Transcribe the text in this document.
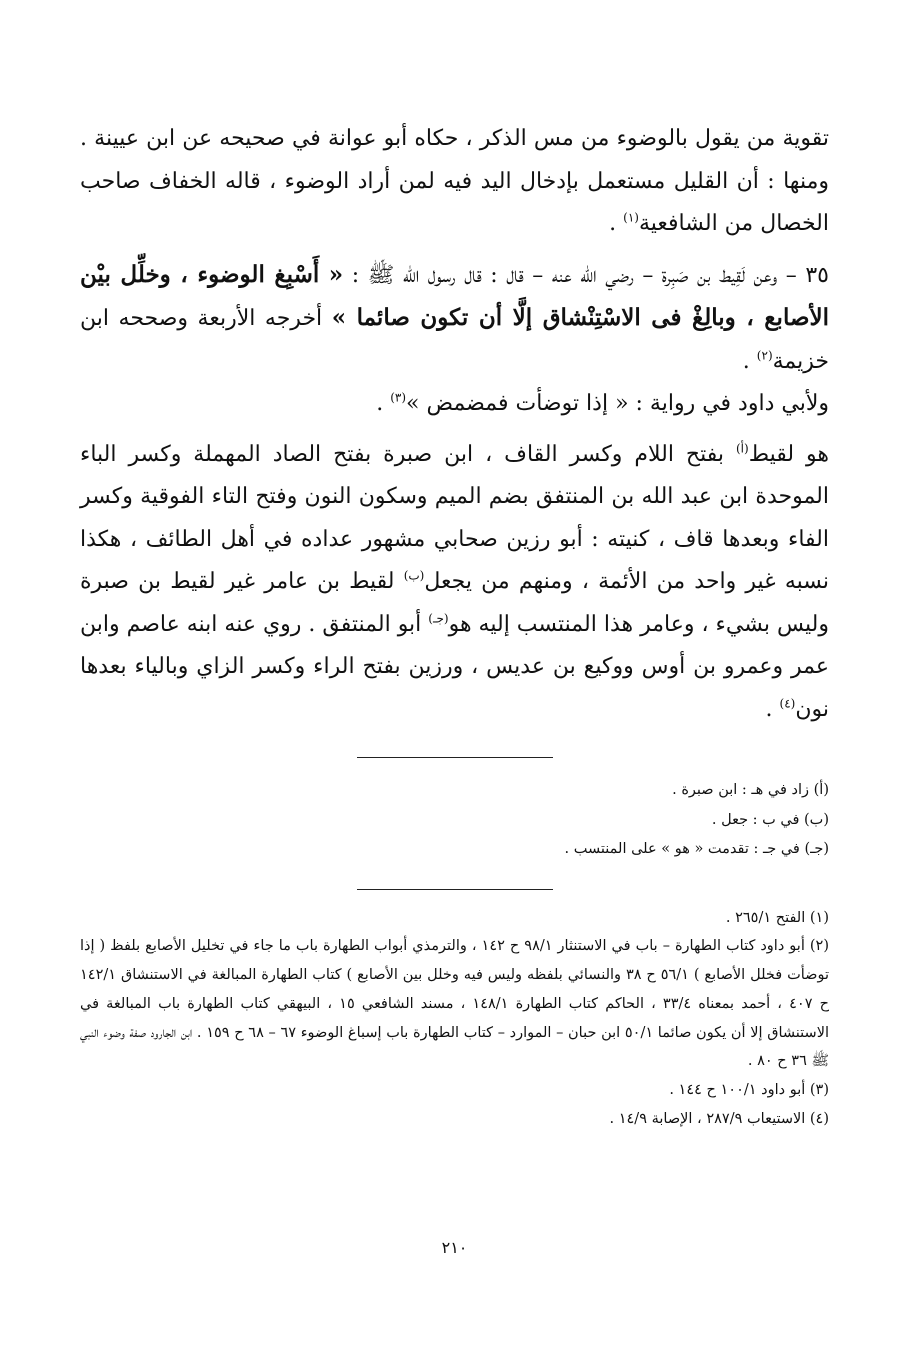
تقوية من يقول بالوضوء من مس الذكر ، حكاه أبو عوانة في صحيحه عن ابن عيينة . ومنها : أن القليل مستعمل بإدخال اليد فيه لمن أراد الوضوء ، قاله الخفاف صاحب الخصال من الشافعية$^{(١)}$ .

٣٥ – وعن لَقِيط بن صَبِرة – رضي الله عنه – قال : قال رسول الله ﷺ : « أَسْبِغ الوضوء ، وخلِّل بيْن الأصابع ، وبالِغْ فى الاسْتِنْشاق إلَّا أن تكون صائما » أخرجه الأربعة وصححه ابن خزيمة$^{(٢)}$ .

ولأبي داود في رواية : « إذا توضأت فمضمض »$^{(٣)}$ .

هو لقيط$^{(أ)}$ بفتح اللام وكسر القاف ، ابن صبرة بفتح الصاد المهملة وكسر الباء الموحدة ابن عبد الله بن المنتفق بضم الميم وسكون النون وفتح التاء الفوقية وكسر الفاء وبعدها قاف ، كنيته : أبو رزين صحابي مشهور عداده في أهل الطائف ، هكذا نسبه غير واحد من الأئمة ، ومنهم من يجعل$^{(ب)}$ لقيط بن عامر غير لقيط بن صبرة وليس بشيء ، وعامر هذا المنتسب إليه هو$^{(جـ)}$ أبو المنتفق . روي عنه ابنه عاصم وابن عمر وعمرو بن أوس ووكيع بن عديس ، ورزين بفتح الراء وكسر الزاي وبالياء بعدها نون$^{(٤)}$ .

(أ) زاد في هـ : ابن صبرة .

(ب) في ب : جعل .

(جـ) في جـ : تقدمت « هو » على المنتسب .

(١) الفتح ٢٦٥/١ .

(٢) أبو داود كتاب الطهارة – باب في الاستنثار ٩٨/١ ح ١٤٢ ، والترمذي أبواب الطهارة باب ما جاء في تخليل الأصابع بلفظ ( إذا توضأت فخلل الأصابع ) ٥٦/١ ح ٣٨ والنسائي بلفظه وليس فيه وخلل بين الأصابع ) كتاب الطهارة المبالغة في الاستنشاق ١٤٢/١ ح ٤٠٧ ، أحمد بمعناه ٣٣/٤ ، الحاكم كتاب الطهارة ١٤٨/١ ، مسند الشافعي ١٥ ، البيهقي كتاب الطهارة باب المبالغة في الاستنشاق إلا أن يكون صائما ٥٠/١ ابن حبان – الموارد – كتاب الطهارة باب إسباغ الوضوء ٦٧ – ٦٨ ح ١٥٩ . ابن الجارود صفة وضوء النبي ﷺ ٣٦ ح ٨٠ .

(٣) أبو داود ١٠٠/١ ح ١٤٤ .

(٤) الاستيعاب ٢٨٧/٩ ، الإصابة ١٤/٩ .

٢١٠
